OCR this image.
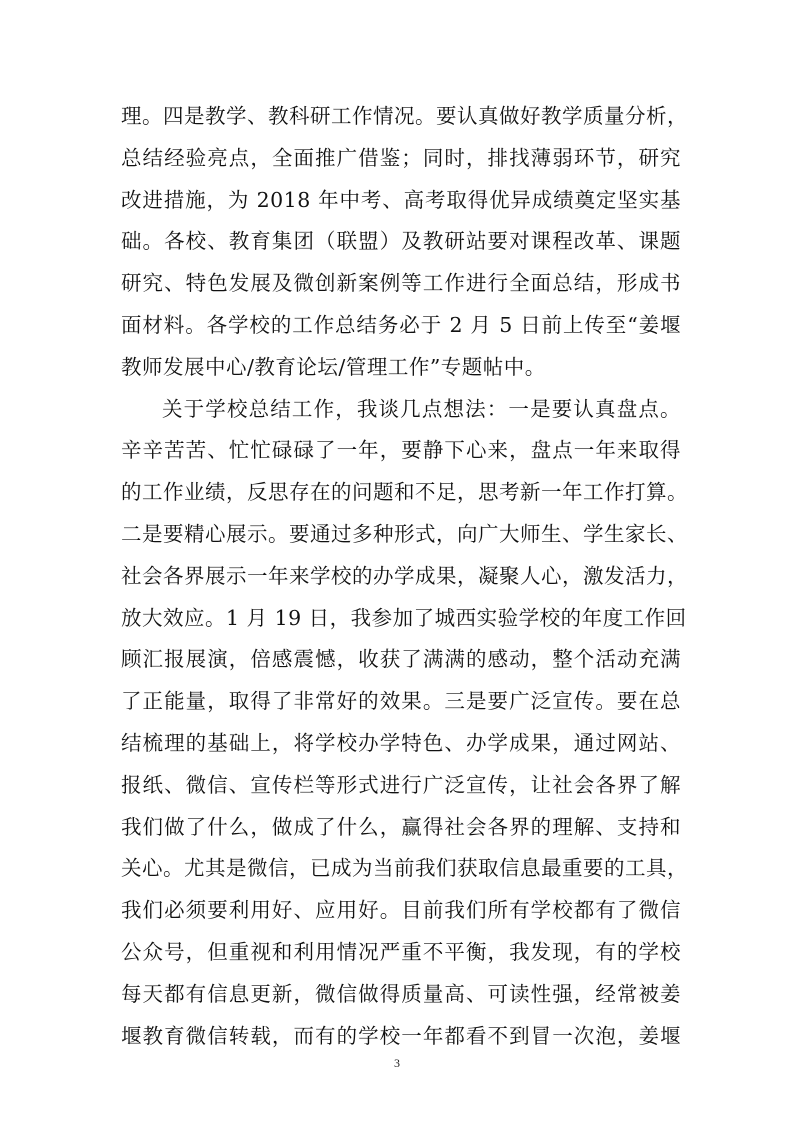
理。四是教学、教科研工作情况。要认真做好教学质量分析，
总结经验亮点，全面推广借鉴；同时，排找薄弱环节，研究
改进措施，为 2018 年中考、高考取得优异成绩奠定坚实基
础。各校、教育集团（联盟）及教研站要对课程改革、课题
研究、特色发展及微创新案例等工作进行全面总结，形成书
面材料。各学校的工作总结务必于 2 月 5 日前上传至“姜堰
教师发展中心/教育论坛/管理工作”专题帖中。
关于学校总结工作，我谈几点想法：一是要认真盘点。
辛辛苦苦、忙忙碌碌了一年，要静下心来，盘点一年来取得
的工作业绩，反思存在的问题和不足，思考新一年工作打算。
二是要精心展示。要通过多种形式，向广大师生、学生家长、
社会各界展示一年来学校的办学成果，凝聚人心，激发活力，
放大效应。1 月 19 日，我参加了城西实验学校的年度工作回
顾汇报展演，倍感震憾，收获了满满的感动，整个活动充满
了正能量，取得了非常好的效果。三是要广泛宣传。要在总
结梳理的基础上，将学校办学特色、办学成果，通过网站、
报纸、微信、宣传栏等形式进行广泛宣传，让社会各界了解
我们做了什么，做成了什么，赢得社会各界的理解、支持和
关心。尤其是微信，已成为当前我们获取信息最重要的工具，
我们必须要利用好、应用好。目前我们所有学校都有了微信
公众号，但重视和利用情况严重不平衡，我发现，有的学校
每天都有信息更新，微信做得质量高、可读性强，经常被姜
堰教育微信转载，而有的学校一年都看不到冒一次泡，姜堰
3
